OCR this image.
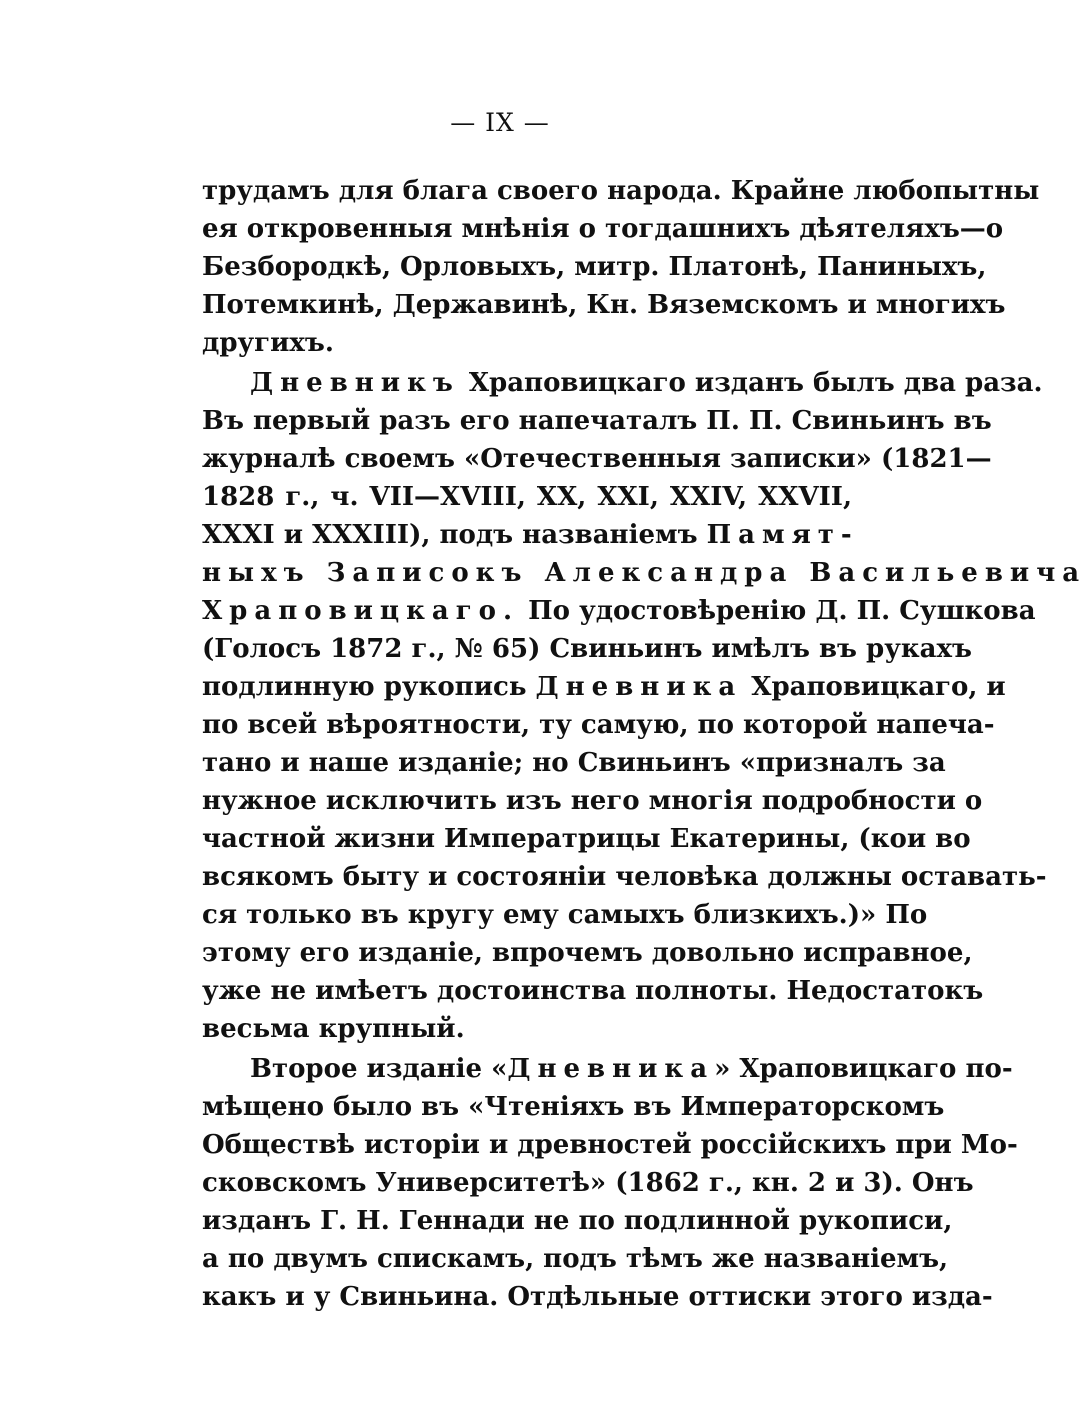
— IX —
трудамъ для блага своего народа. Крайне любопытны
ея откровенныя мнѣнія о тогдашнихъ дѣятеляхъ—о
Безбородкѣ, Орловыхъ, митр. Платонѣ, Паниныхъ,
Потемкинѣ, Державинѣ, Кн. Вяземскомъ и многихъ
другихъ.
Дневникъ Храповицкаго изданъ былъ два раза.
Въ первый разъ его напечаталъ П. П. Свиньинъ въ
журналѣ своемъ «Отечественныя записки» (1821—
1828 г., ч. VII—XVIII, XX, XXI, XXIV, XXVII,
XXXI и XXXIII), подъ названіемъ Памят-
ныхъ Записокъ Александра Васильевича
Храповицкаго. По удостовѣренію Д. П. Сушкова
(Голосъ 1872 г., № 65) Свиньинъ имѣлъ въ рукахъ
подлинную рукопись Дневника Храповицкаго, и
по всей вѣроятности, ту самую, по которой напеча-
тано и наше изданіе; но Свиньинъ «призналъ за
нужное исключить изъ него многія подробности о
частной жизни Императрицы Екатерины, (кои во
всякомъ быту и состояніи человѣка должны оставать-
ся только въ кругу ему самыхъ близкихъ.)» По
этому его изданіе, впрочемъ довольно исправное,
уже не имѣетъ достоинства полноты. Недостатокъ
весьма крупный.
Второе изданіе «Дневника» Храповицкаго по-
мѣщено было въ «Чтеніяхъ въ Императорскомъ
Обществѣ исторіи и древностей россійскихъ при Мо-
сковскомъ Университетѣ» (1862 г., кн. 2 и 3). Онъ
изданъ Г. Н. Геннади не по подлинной рукописи,
а по двумъ спискамъ, подъ тѣмъ же названіемъ,
какъ и у Свиньина. Отдѣльные оттиски этого изда-
